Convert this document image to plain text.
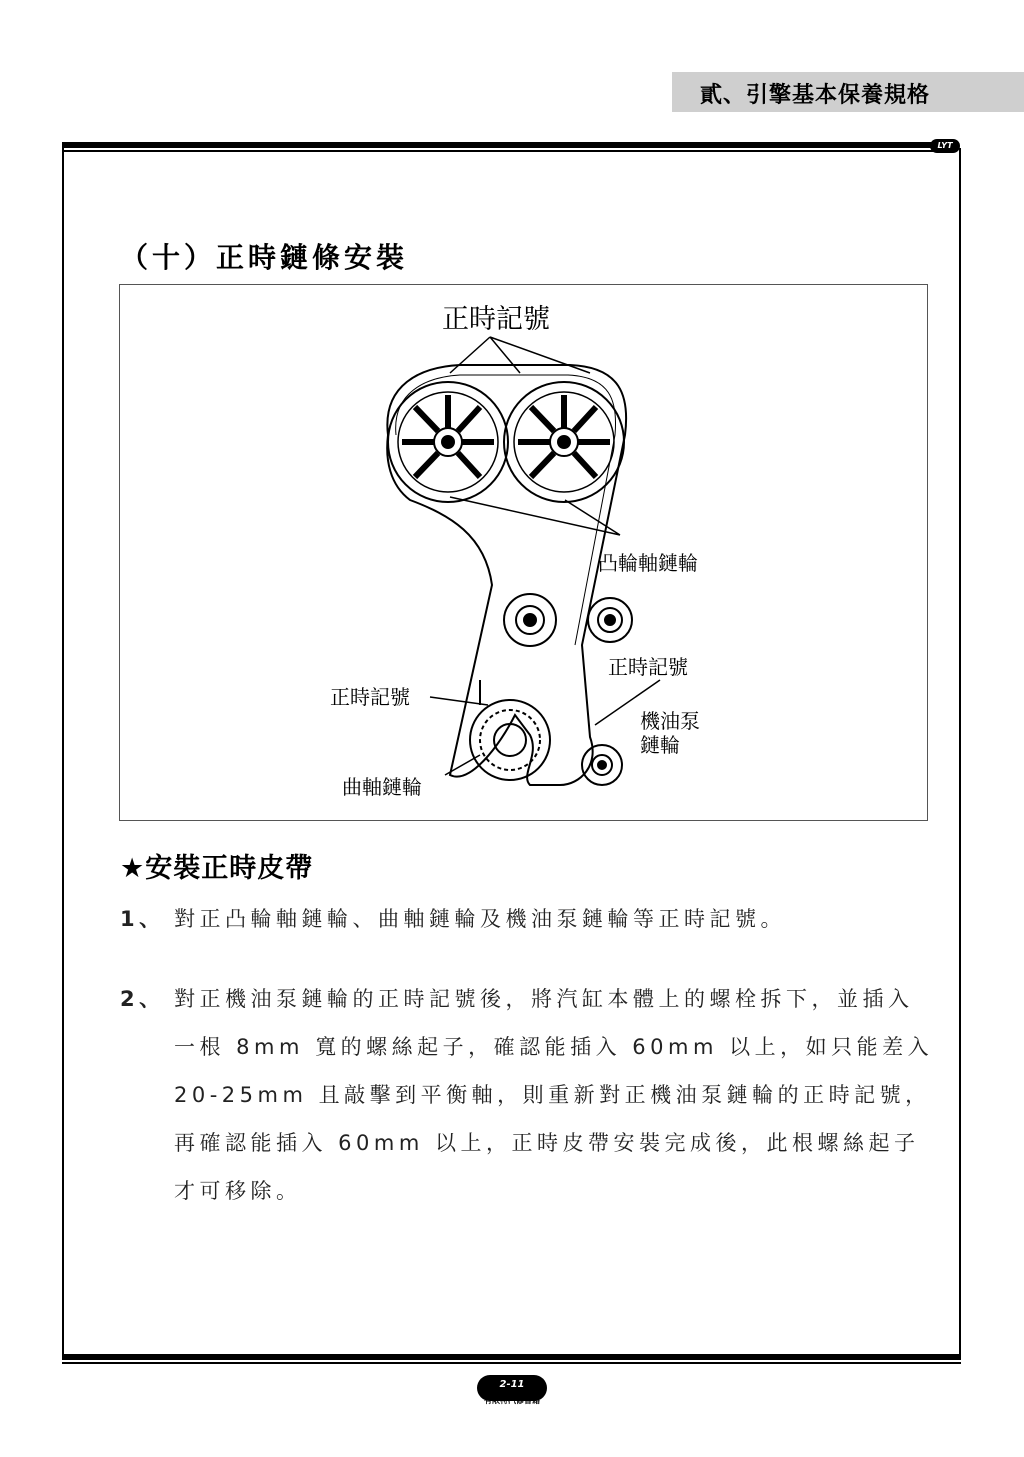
貳、引擎基本保養規格
LYT
（十）正時鏈條安裝
正時記號
凸輪軸鏈輪
正時記號
機油泵
鏈輪
正時記號
曲軸鏈輪
★安裝正時皮帶
1、 對正凸輪軸鏈輪、曲軸鏈輪及機油泵鏈輪等正時記號。
2、 對正機油泵鏈輪的正時記號後，將汽缸本體上的螺栓拆下，並插入一根 8mm 寬的螺絲起子，確認能插入 60mm 以上，如只能差入 20-25mm 且敲擊到平衡軸，則重新對正機油泵鏈輪的正時記號，再確認能插入 60mm 以上，正時皮帶安裝完成後，此根螺絲起子才可移除。
2-11
有限特汽修書籍
